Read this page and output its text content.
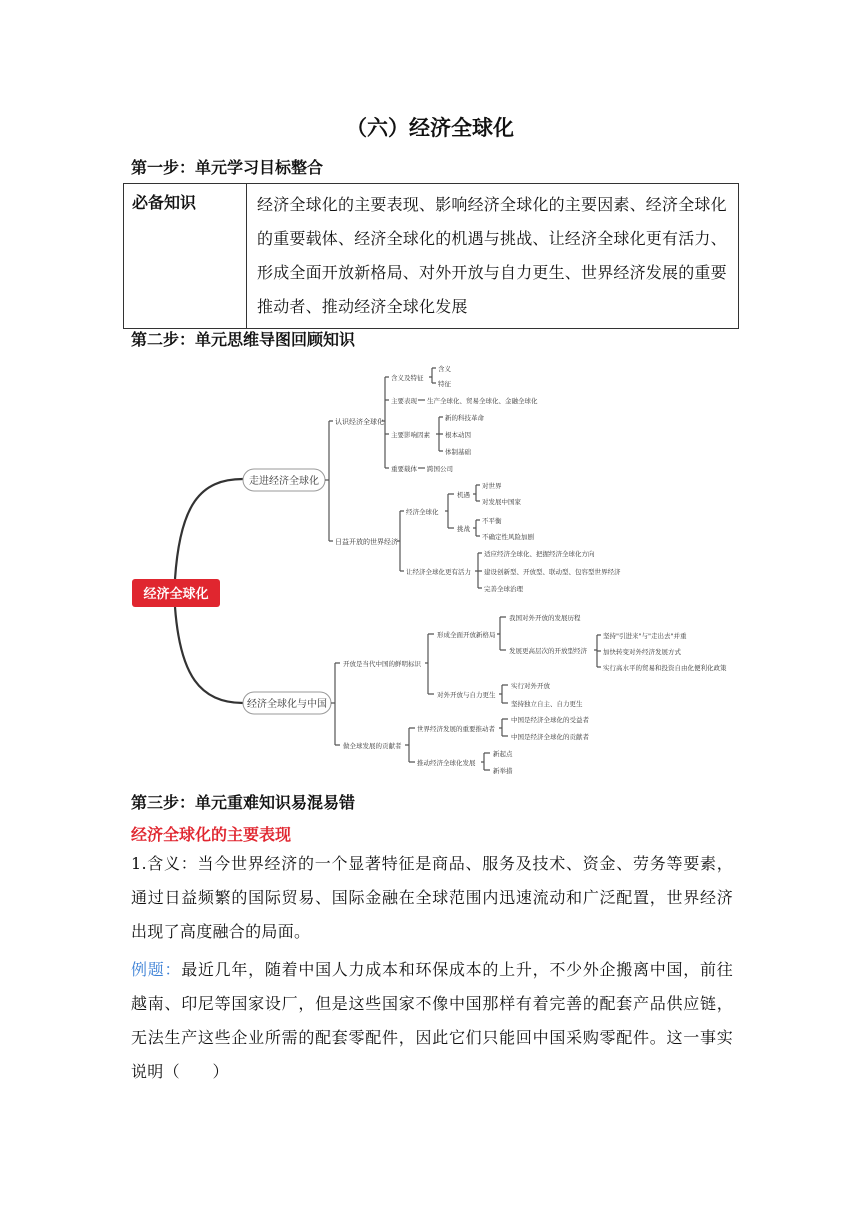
（六）经济全球化
第一步：单元学习目标整合
必备知识	经济全球化的主要表现、影响经济全球化的主要因素、经济全球化的重要载体、经济全球化的机遇与挑战、让经济全球化更有活力、形成全面开放新格局、对外开放与自力更生、世界经济发展的重要推动者、推动经济全球化发展
第二步：单元思维导图回顾知识
经济全球化
走进经济全球化
经济全球化与中国
认识经济全球化
日益开放的世界经济
含义及特征
主要表现
主要影响因素
重要载体
含义
特征
生产全球化、贸易全球化、金融全球化
新的科技革命
根本动因
体制基础
跨国公司
经济全球化
让经济全球化更有活力
机遇
挑战
对世界
对发展中国家
不平衡
不确定性风险加剧
适应经济全球化、把握经济全球化方向
建设创新型、开放型、联动型、包容型世界经济
完善全球治理
开放是当代中国的鲜明标识
做全球发展的贡献者
形成全面开放新格局
对外开放与自力更生
我国对外开放的发展历程
发展更高层次的开放型经济
坚持"引进来"与"走出去"并重
加快转变对外经济发展方式
实行高水平的贸易和投资自由化便利化政策
实行对外开放
坚持独立自主、自力更生
世界经济发展的重要推动者
推动经济全球化发展
中国是经济全球化的受益者
中国是经济全球化的贡献者
新起点
新举措
第三步：单元重难知识易混易错
经济全球化的主要表现
1.含义：当今世界经济的一个显著特征是商品、服务及技术、资金、劳务等要素，通过日益频繁的国际贸易、国际金融在全球范围内迅速流动和广泛配置，世界经济出现了高度融合的局面。
例题：最近几年，随着中国人力成本和环保成本的上升，不少外企搬离中国，前往越南、印尼等国家设厂，但是这些国家不像中国那样有着完善的配套产品供应链，无法生产这些企业所需的配套零配件，因此它们只能回中国采购零配件。这一事实说明（　　）
